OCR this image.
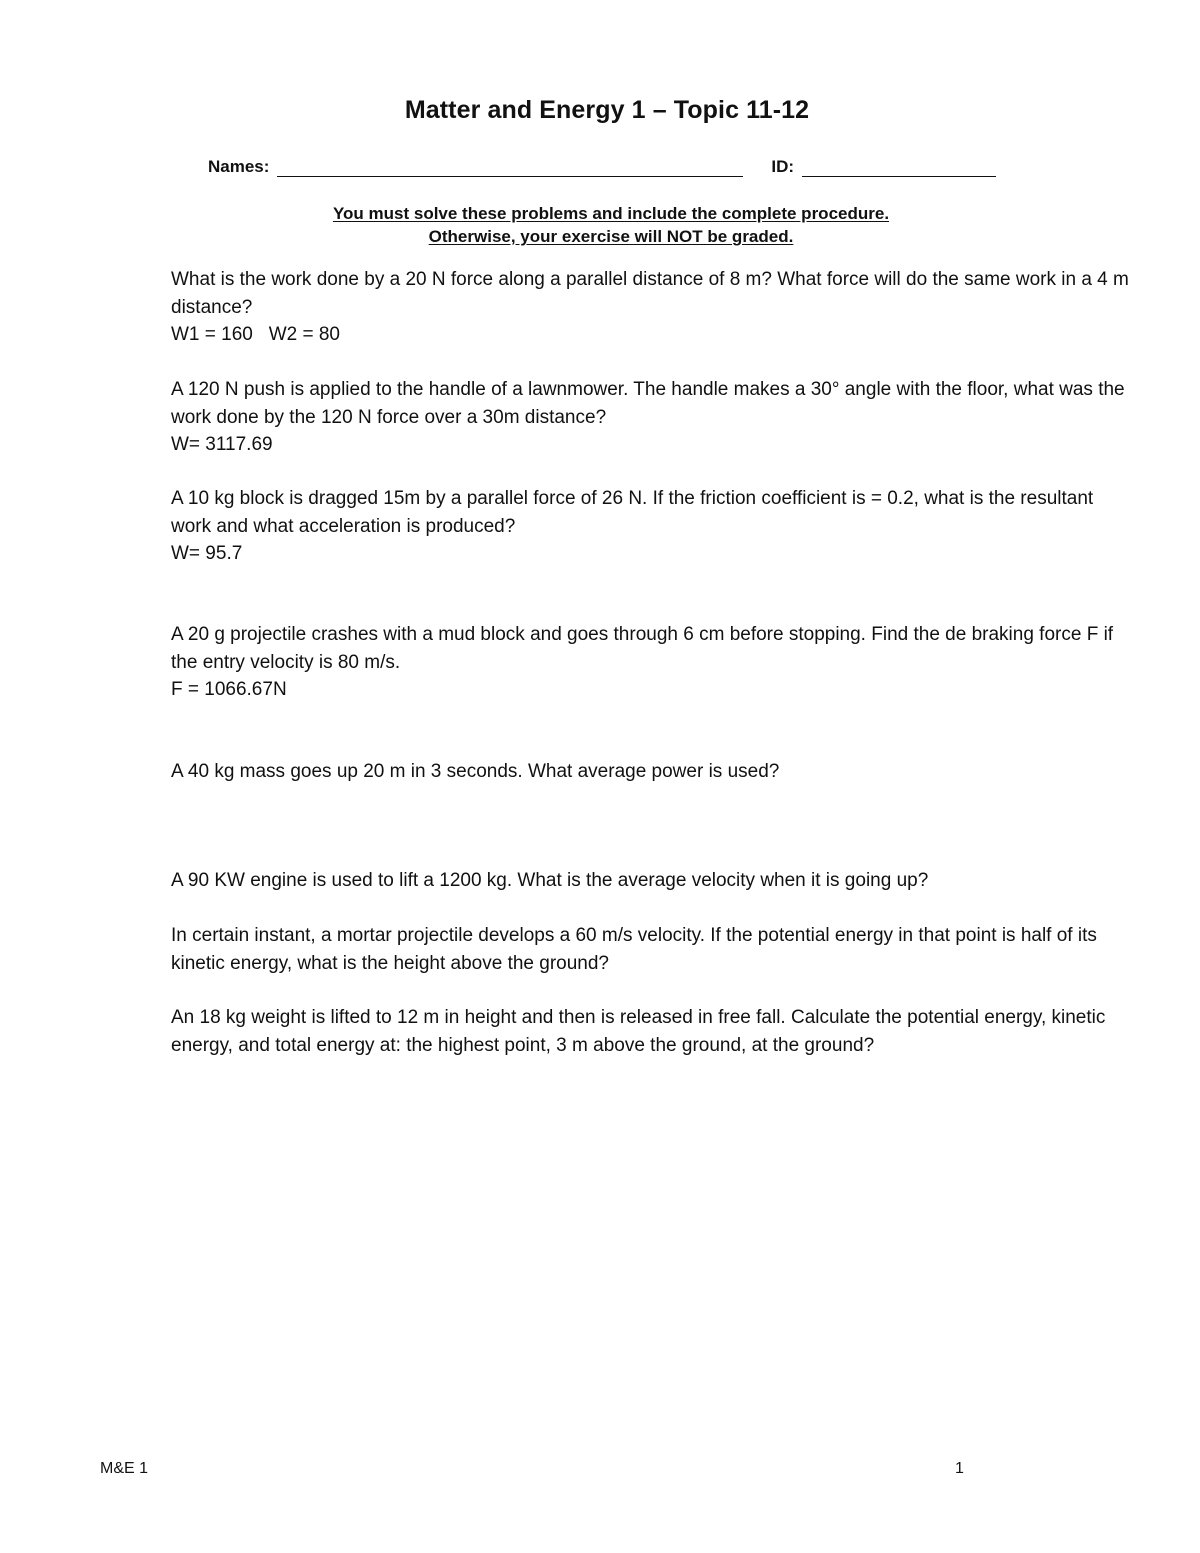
Matter and Energy 1 – Topic 11-12
Names:	ID:
You must solve these problems and include the complete procedure.
Otherwise, your exercise will NOT be graded.

What is the work done by a 20 N force along a parallel distance of 8 m? What force will do the same work in a 4 m distance?

W1 = 160   W2 = 80

A 120 N push is applied to the handle of a lawnmower. The handle makes a 30° angle with the floor, what was the work done by the 120 N force over a 30m distance?

W= 3117.69

A 10 kg block is dragged 15m by a parallel force of 26 N. If the friction coefficient is = 0.2, what is the resultant work and what acceleration is produced?

W= 95.7

A 20 g projectile crashes with a mud block and goes through 6 cm before stopping. Find the de braking force F if the entry velocity is 80 m/s.

F = 1066.67N

A 40 kg mass goes up 20 m in 3 seconds. What average power is used?

A 90 KW engine is used to lift a 1200 kg. What is the average velocity when it is going up?

In certain instant, a mortar projectile develops a 60 m/s velocity. If the potential energy in that point is half of its kinetic energy, what is the height above the ground?

An 18 kg weight is lifted to 12 m in height and then is released in free fall. Calculate the potential energy, kinetic energy, and total energy at: the highest point, 3 m above the ground, at the ground?

M&E 1	1
